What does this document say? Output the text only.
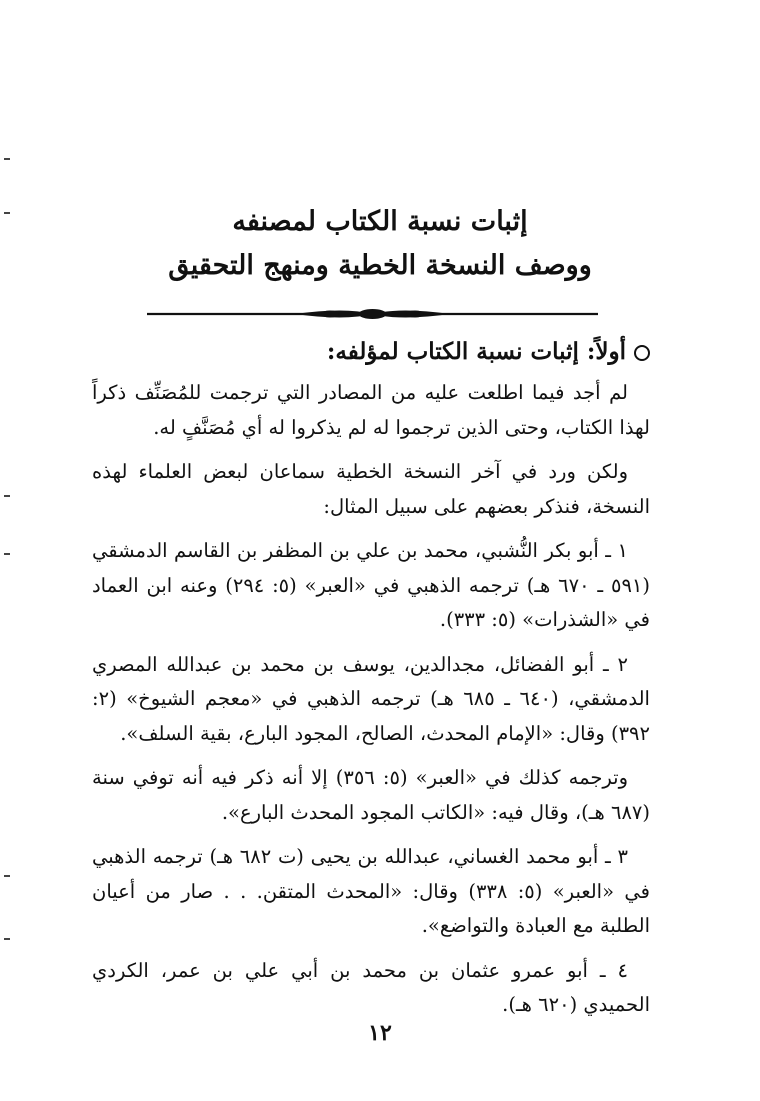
إثبات نسبة الكتاب لمصنفه
ووصف النسخة الخطية ومنهج التحقيق
أولاً: إثبات نسبة الكتاب لمؤلفه:

لم أجد فيما اطلعت عليه من المصادر التي ترجمت للمُصَنِّف ذكراً لهذا الكتاب، وحتى الذين ترجموا له لم يذكروا له أي مُصَنَّفٍ له.

ولكن ورد في آخر النسخة الخطية سماعان لبعض العلماء لهذه النسخة، فنذكر بعضهم على سبيل المثال:

١ ـ أبو بكر النُّشبي، محمد بن علي بن المظفر بن القاسم الدمشقي (٥٩١ ـ ٦٧٠ هـ) ترجمه الذهبي في «العبر» (٥: ٢٩٤) وعنه ابن العماد في «الشذرات» (٥: ٣٣٣).

٢ ـ أبو الفضائل، مجدالدين، يوسف بن محمد بن عبدالله المصري الدمشقي، (٦٤٠ ـ ٦٨٥ هـ) ترجمه الذهبي في «معجم الشيوخ» (٢: ٣٩٢) وقال: «الإمام المحدث، الصالح، المجود البارع، بقية السلف».

وترجمه كذلك في «العبر» (٥: ٣٥٦) إلا أنه ذكر فيه أنه توفي سنة (٦٨٧ هـ)، وقال فيه: «الكاتب المجود المحدث البارع».

٣ ـ أبو محمد الغساني، عبدالله بن يحيى (ت ٦٨٢ هـ) ترجمه الذهبي في «العبر» (٥: ٣٣٨) وقال: «المحدث المتقن. . . صار من أعيان الطلبة مع العبادة والتواضع».

٤ ـ أبو عمرو عثمان بن محمد بن أبي علي بن عمر، الكردي الحميدي (٦٢٠ هـ).

١٢
